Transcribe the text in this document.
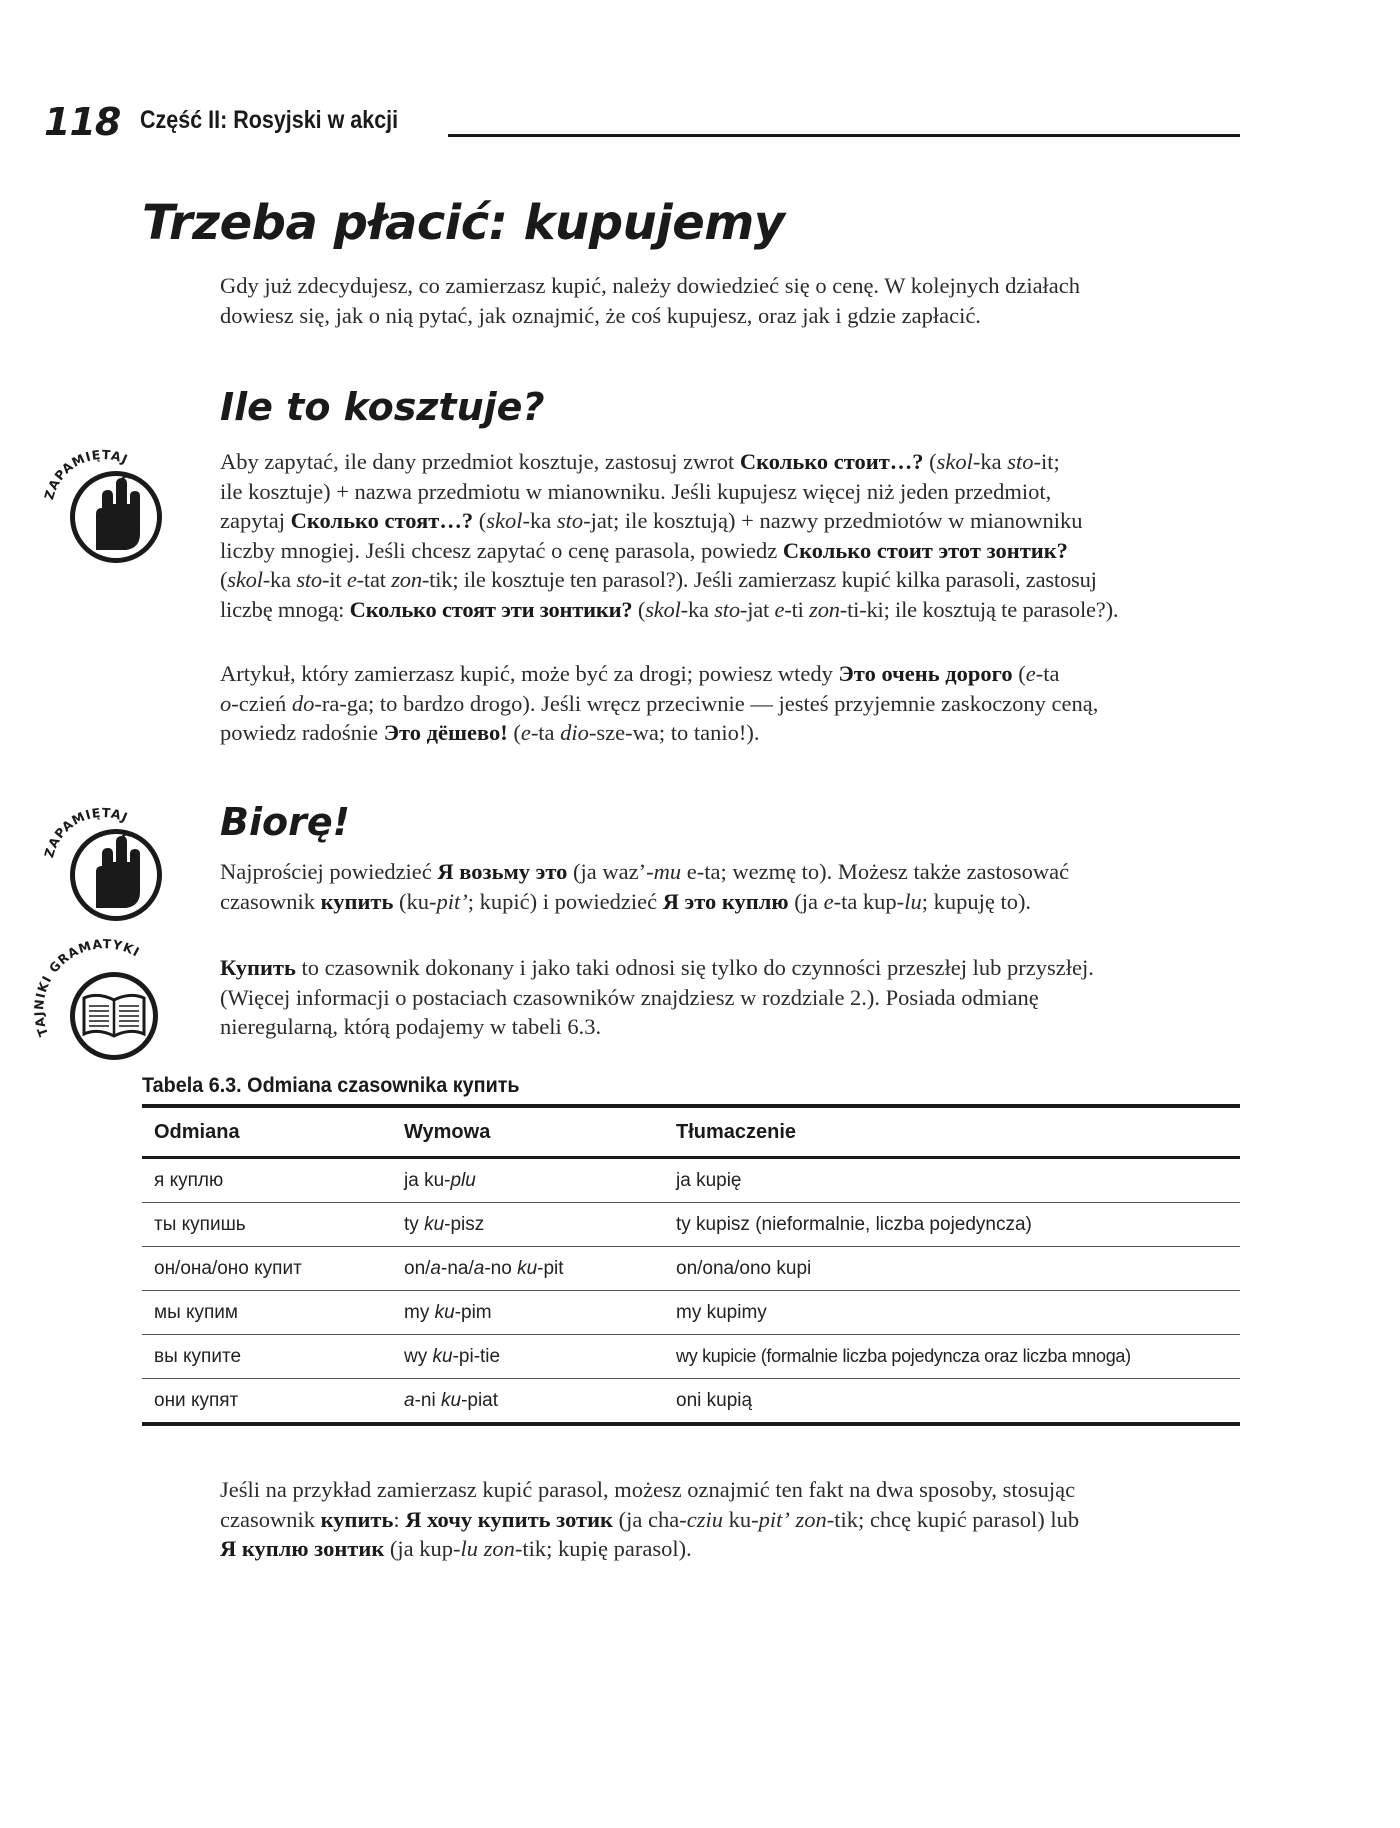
118 Część II: Rosyjski w akcji
Trzeba płacić: kupujemy
Gdy już zdecydujesz, co zamierzasz kupić, należy dowiedzieć się o cenę. W kolejnych działach
dowiesz się, jak o nią pytać, jak oznajmić, że coś kupujesz, oraz jak i gdzie zapłacić.
Ile to kosztuje?
ZAPAMIĘTAJ	Aby zapytać, ile dany przedmiot kosztuje, zastosuj zwrot Сколько стоит…? (skol-ka sto-it;
ile kosztuje) + nazwa przedmiotu w mianowniku. Jeśli kupujesz więcej niż jeden przedmiot,
zapytaj Сколько стоят…? (skol-ka sto-jat; ile kosztują) + nazwy przedmiotów w mianowniku
liczby mnogiej. Jeśli chcesz zapytać o cenę parasola, powiedz Сколько стоит этот зонтик?
(skol-ka sto-it e-tat zon-tik; ile kosztuje ten parasol?). Jeśli zamierzasz kupić kilka parasoli, zastosuj
liczbę mnogą: Сколько стоят эти зонтики? (skol-ka sto-jat e-ti zon-ti-ki; ile kosztują te parasole?).
Artykuł, który zamierzasz kupić, może być za drogi; powiesz wtedy Это очень дорого (e-ta
o-czień do-ra-ga; to bardzo drogo). Jeśli wręcz przeciwnie — jesteś przyjemnie zaskoczony ceną,
powiedz radośnie Это дёшево! (e-ta dio-sze-wa; to tanio!).
Biorę!
ZAPAMIĘTAJ
TAJNIKI GRAMATYKI
Najprościej powiedzieć Я возьму это (ja waz’-mu e-ta; wezmę to). Możesz także zastosować
czasownik купить (ku-pit’; kupić) i powiedzieć Я это куплю (ja e-ta kup-lu; kupuję to).
Купить to czasownik dokonany i jako taki odnosi się tylko do czynności przeszłej lub przyszłej.
(Więcej informacji o postaciach czasowników znajdziesz w rozdziale 2.). Posiada odmianę
nieregularną, którą podajemy w tabeli 6.3.
Tabela 6.3. Odmiana czasownika купить
Odmiana	Wymowa	Tłumaczenie
я куплю	ja ku-plu	ja kupię
ты купишь	ty ku-pisz	ty kupisz (nieformalnie, liczba pojedyncza)
он/она/оно купит	on/a-na/a-no ku-pit	on/ona/ono kupi
мы купим	my ku-pim	my kupimy
вы купите	wy ku-pi-tie	wy kupicie (formalnie liczba pojedyncza oraz liczba mnoga)
они купят	a-ni ku-piat	oni kupią
Jeśli na przykład zamierzasz kupić parasol, możesz oznajmić ten fakt na dwa sposoby, stosując
czasownik купить: Я хочу купить зотик (ja cha-cziu ku-pit’ zon-tik; chcę kupić parasol) lub
Я куплю зонтик (ja kup-lu zon-tik; kupię parasol).
